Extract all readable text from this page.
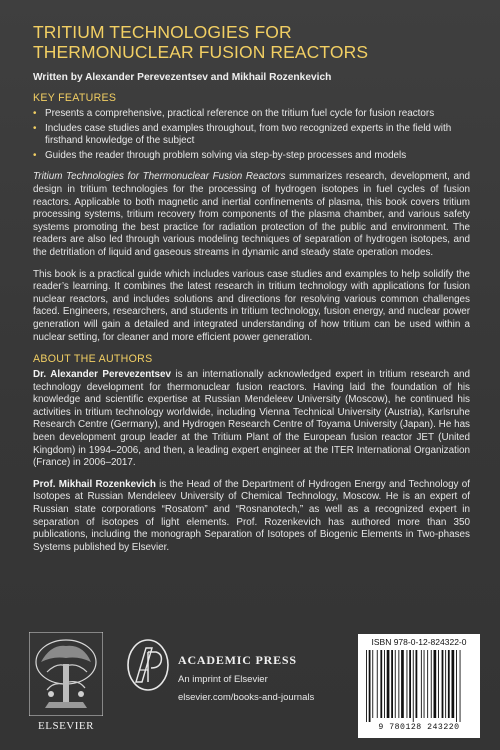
TRITIUM TECHNOLOGIES FOR
THERMONUCLEAR FUSION REACTORS
Written by Alexander Perevezentsev and Mikhail Rozenkevich
KEY FEATURES
• Presents a comprehensive, practical reference on the tritium fuel cycle for fusion reactors
• Includes case studies and examples throughout, from two recognized experts in the field with firsthand knowledge of the subject
• Guides the reader through problem solving via step-by-step processes and models

Tritium Technologies for Thermonuclear Fusion Reactors summarizes research, development, and design in tritium technologies for the processing of hydrogen isotopes in fuel cycles of fusion reactors. Applicable to both magnetic and inertial confinements of plasma, this book covers tritium processing systems, tritium recovery from components of the plasma chamber, and various safety systems promoting the best practice for radiation protection of the public and environment. The readers are also led through various modeling techniques of separation of hydrogen isotopes, and the detritiation of liquid and gaseous streams in dynamic and steady state operation modes.

This book is a practical guide which includes various case studies and examples to help solidify the reader’s learning. It combines the latest research in tritium technology with applications for fusion nuclear reactors, and includes solutions and directions for resolving various common challenges faced. Engineers, researchers, and students in tritium technology, fusion energy, and nuclear power generation will gain a detailed and integrated understanding of how tritium can be used within a nuclear setting, for cleaner and more efficient power generation.

ABOUT THE AUTHORS

Dr. Alexander Perevezentsev is an internationally acknowledged expert in tritium research and technology development for thermonuclear fusion reactors. Having laid the foundation of his knowledge and scientific expertise at Russian Mendeleev University (Moscow), he continued his activities in tritium technology worldwide, including Vienna Technical University (Austria), Karlsruhe Research Centre (Germany), and Hydrogen Research Centre of Toyama University (Japan). He has been development group leader at the Tritium Plant of the European fusion reactor JET (United Kingdom) in 1994–2006, and then, a leading expert engineer at the ITER International Organization (France) in 2006–2017.

Prof. Mikhail Rozenkevich is the Head of the Department of Hydrogen Energy and Technology of Isotopes at Russian Mendeleev University of Chemical Technology, Moscow. He is an expert of Russian state corporations “Rosatom” and “Rosnanotech,” as well as a recognized expert in separation of isotopes of light elements. Prof. Rozenkevich has authored more than 350 publications, including the monograph Separation of Isotopes of Biogenic Elements in Two-phases Systems published by Elsevier.

ELSEVIER
ACADEMIC PRESS
An imprint of Elsevier
elsevier.com/books-and-journals
ISBN 978-0-12-824322-0
9 780128 243220
